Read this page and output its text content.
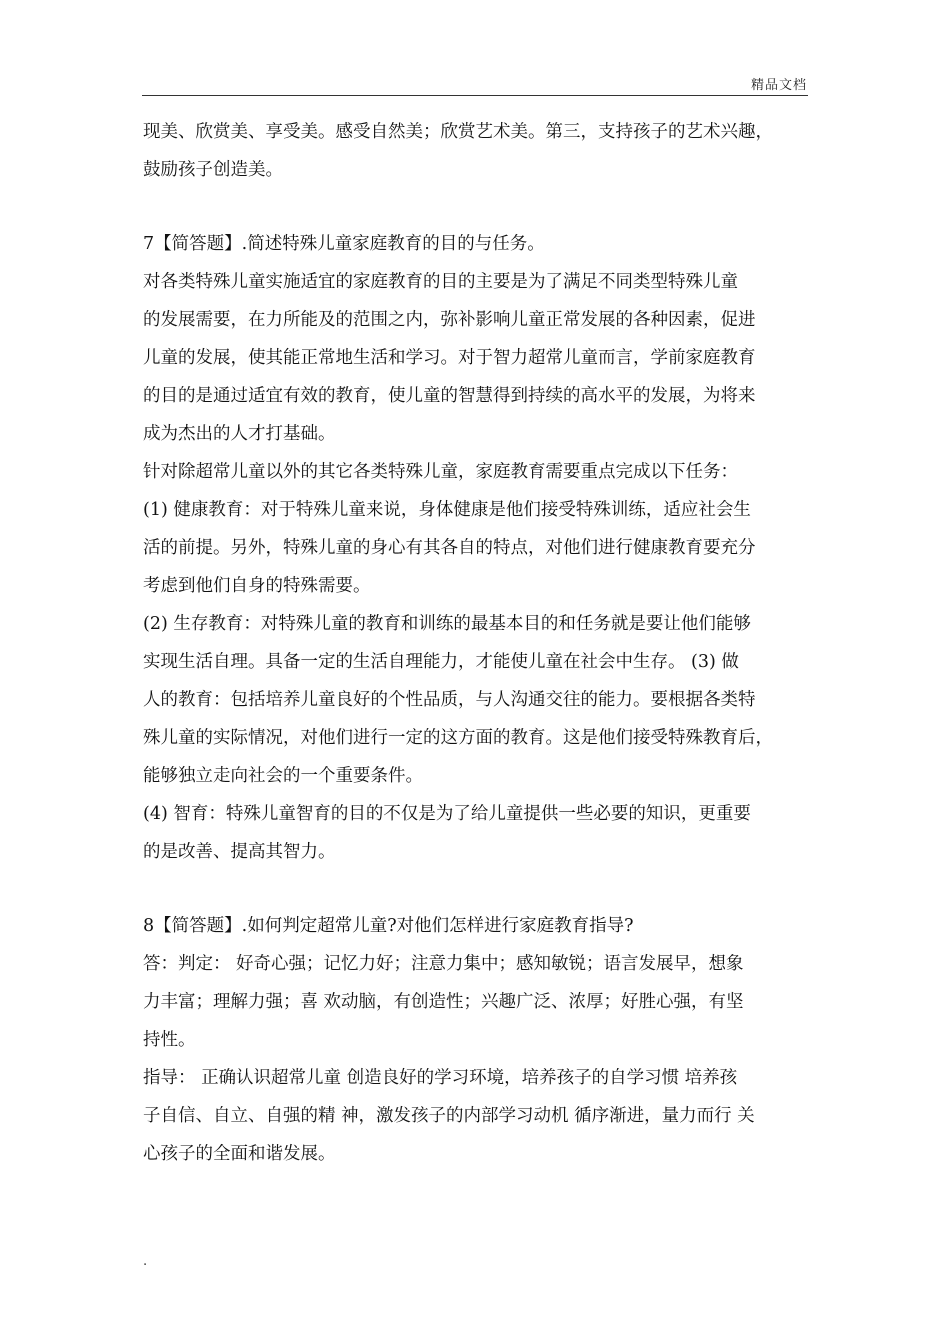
精品文档
现美、欣赏美、享受美。感受自然美；欣赏艺术美。第三，支持孩子的艺术兴趣，
鼓励孩子创造美。
7【简答题】.简述特殊儿童家庭教育的目的与任务。
对各类特殊儿童实施适宜的家庭教育的目的主要是为了满足不同类型特殊儿童
的发展需要，在力所能及的范围之内，弥补影响儿童正常发展的各种因素，促进
儿童的发展，使其能正常地生活和学习。对于智力超常儿童而言，学前家庭教育
的目的是通过适宜有效的教育，使儿童的智慧得到持续的高水平的发展，为将来
成为杰出的人才打基础。
针对除超常儿童以外的其它各类特殊儿童，家庭教育需要重点完成以下任务：
(1) 健康教育：对于特殊儿童来说，身体健康是他们接受特殊训练，适应社会生
活的前提。另外，特殊儿童的身心有其各自的特点，对他们进行健康教育要充分
考虑到他们自身的特殊需要。
(2) 生存教育：对特殊儿童的教育和训练的最基本目的和任务就是要让他们能够
实现生活自理。具备一定的生活自理能力，才能使儿童在社会中生存。 (3) 做
人的教育：包括培养儿童良好的个性品质，与人沟通交往的能力。要根据各类特
殊儿童的实际情况，对他们进行一定的这方面的教育。这是他们接受特殊教育后，
能够独立走向社会的一个重要条件。
(4) 智育：特殊儿童智育的目的不仅是为了给儿童提供一些必要的知识，更重要
的是改善、提高其智力。
8【简答题】.如何判定超常儿童?对他们怎样进行家庭教育指导?
答：判定： 好奇心强；记忆力好；注意力集中；感知敏锐；语言发展早，想象
力丰富；理解力强；喜 欢动脑，有创造性；兴趣广泛、浓厚；好胜心强，有坚
持性。
指导： 正确认识超常儿童 创造良好的学习环境，培养孩子的自学习惯 培养孩
子自信、自立、自强的精 神，激发孩子的内部学习动机 循序渐进，量力而行 关
心孩子的全面和谐发展。
.
